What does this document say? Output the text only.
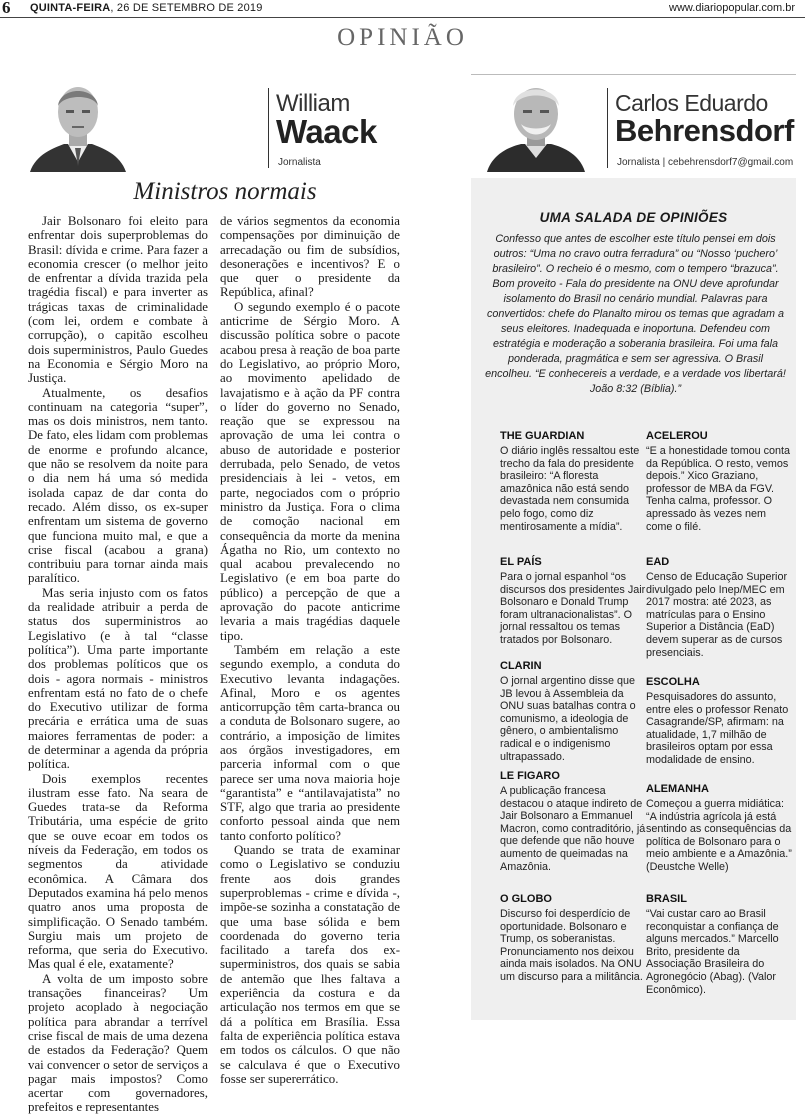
6 QUINTA-FEIRA, 26 DE SETEMBRO DE 2019	www.diariopopular.com.br
OPINIÃO
William
Waack
Jornalista
Ministros normais

Jair Bolsonaro foi eleito para enfrentar dois superproblemas do Brasil: dívida e crime. Para fazer a economia crescer (o melhor jeito de enfrentar a dívida trazida pela tragédia fiscal) e para inverter as trágicas taxas de criminalidade (com lei, ordem e combate à corrupção), o capitão escolheu dois superministros, Paulo Guedes na Economia e Sérgio Moro na Justiça.

Atualmente, os desafios continuam na categoria “super”, mas os dois ministros, nem tanto. De fato, eles lidam com problemas de enorme e profundo alcance, que não se resolvem da noite para o dia nem há uma só medida isolada capaz de dar conta do recado. Além disso, os ex-super enfrentam um sistema de governo que funciona muito mal, e que a crise fiscal (acabou a grana) contribuiu para tornar ainda mais paralítico.

Mas seria injusto com os fatos da realidade atribuir a perda de status dos superministros ao Legislativo (e à tal “classe política”). Uma parte importante dos problemas políticos que os dois - agora normais - ministros enfrentam está no fato de o chefe do Executivo utilizar de forma precária e errática uma de suas maiores ferramentas de poder: a de determinar a agenda da própria política.

Dois exemplos recentes ilustram esse fato. Na seara de Guedes trata-se da Reforma Tributária, uma espécie de grito que se ouve ecoar em todos os níveis da Federação, em todos os segmentos da atividade econômica. A Câmara dos Deputados examina há pelo menos quatro anos uma proposta de simplificação. O Senado também. Surgiu mais um projeto de reforma, que seria do Executivo. Mas qual é ele, exatamente?

A volta de um imposto sobre transações financeiras? Um projeto acoplado à negociação política para abrandar a terrível crise fiscal de mais de uma dezena de estados da Federação? Quem vai convencer o setor de serviços a pagar mais impostos? Como acertar com governadores, prefeitos e representantes

de vários segmentos da economia compensações por diminuição de arrecadação ou fim de subsídios, desonerações e incentivos? E o que quer o presidente da República, afinal?

O segundo exemplo é o pacote anticrime de Sérgio Moro. A discussão política sobre o pacote acabou presa à reação de boa parte do Legislativo, ao próprio Moro, ao movimento apelidado de lavajatismo e à ação da PF contra o líder do governo no Senado, reação que se expressou na aprovação de uma lei contra o abuso de autoridade e posterior derrubada, pelo Senado, de vetos presidenciais à lei - vetos, em parte, negociados com o próprio ministro da Justiça. Fora o clima de comoção nacional em consequência da morte da menina Ágatha no Rio, um contexto no qual acabou prevalecendo no Legislativo (e em boa parte do público) a percepção de que a aprovação do pacote anticrime levaria a mais tragédias daquele tipo.

Também em relação a este segundo exemplo, a conduta do Executivo levanta indagações. Afinal, Moro e os agentes anticorrupção têm carta-branca ou a conduta de Bolsonaro sugere, ao contrário, a imposição de limites aos órgãos investigadores, em parceria informal com o que parece ser uma nova maioria hoje “garantista” e “antilavajatista” no STF, algo que traria ao presidente conforto pessoal ainda que nem tanto conforto político?

Quando se trata de examinar como o Legislativo se conduziu frente aos dois grandes superproblemas - crime e dívida -, impõe-se sozinha a constatação de que uma base sólida e bem coordenada do governo teria facilitado a tarefa dos ex-superministros, dos quais se sabia de antemão que lhes faltava a experiência da costura e da articulação nos termos em que se dá a política em Brasília. Essa falta de experiência política estava em todos os cálculos. O que não se calculava é que o Executivo fosse ser supererrático.

Carlos Eduardo
Behrensdorf
Jornalista | cebehrensdorf7@gmail.com
UMA SALADA DE OPINIÕES
Confesso que antes de escolher este título pensei em dois outros: “Uma no cravo outra ferradura” ou “Nosso ‘puchero’ brasileiro”. O recheio é o mesmo, com o tempero “brazuca”. Bom proveito - Fala do presidente na ONU deve aprofundar isolamento do Brasil no cenário mundial. Palavras para convertidos: chefe do Planalto mirou os temas que agradam a seus eleitores. Inadequada e inoportuna. Defendeu com estratégia e moderação a soberania brasileira. Foi uma fala ponderada, pragmática e sem ser agressiva. O Brasil encolheu. “E conhecereis a verdade, e a verdade vos libertará! João 8:32 (Bíblia).”
THE GUARDIAN

O diário inglês ressaltou este trecho da fala do presidente brasileiro: “A floresta amazônica não está sendo devastada nem consumida pelo fogo, como diz mentirosamente a mídia”.

EL PAÍS

Para o jornal espanhol “os discursos dos presidentes Jair Bolsonaro e Donald Trump foram ultranacionalistas”. O jornal ressaltou os temas tratados por Bolsonaro.

CLARIN

O jornal argentino disse que JB levou à Assembleia da ONU suas batalhas contra o comunismo, a ideologia de gênero, o ambientalismo radical e o indigenismo ultrapassado.

LE FIGARO

A publicação francesa destacou o ataque indireto de Jair Bolsonaro a Emmanuel Macron, como contraditório, já que defende que não houve aumento de queimadas na Amazônia.

O GLOBO

Discurso foi desperdício de oportunidade. Bolsonaro e Trump, os soberanistas. Pronunciamento nos deixou ainda mais isolados. Na ONU um discurso para a militância.

ACELEROU

“E a honestidade tomou conta da República. O resto, vemos depois.” Xico Graziano, professor de MBA da FGV. Tenha calma, professor. O apressado às vezes nem come o filé.

EAD

Censo de Educação Superior divulgado pelo Inep/MEC em 2017 mostra: até 2023, as matrículas para o Ensino Superior a Distância (EaD) devem superar as de cursos presenciais.

ESCOLHA

Pesquisadores do assunto, entre eles o professor Renato Casagrande/SP, afirmam: na atualidade, 1,7 milhão de brasileiros optam por essa modalidade de ensino.

ALEMANHA

Começou a guerra midiática: “A indústria agrícola já está sentindo as consequências da política de Bolsonaro para o meio ambiente e a Amazônia.” (Deustche Welle)

BRASIL

“Vai custar caro ao Brasil reconquistar a confiança de alguns mercados.” Marcello Brito, presidente da Associação Brasileira do Agronegócio (Abag). (Valor Econômico).
